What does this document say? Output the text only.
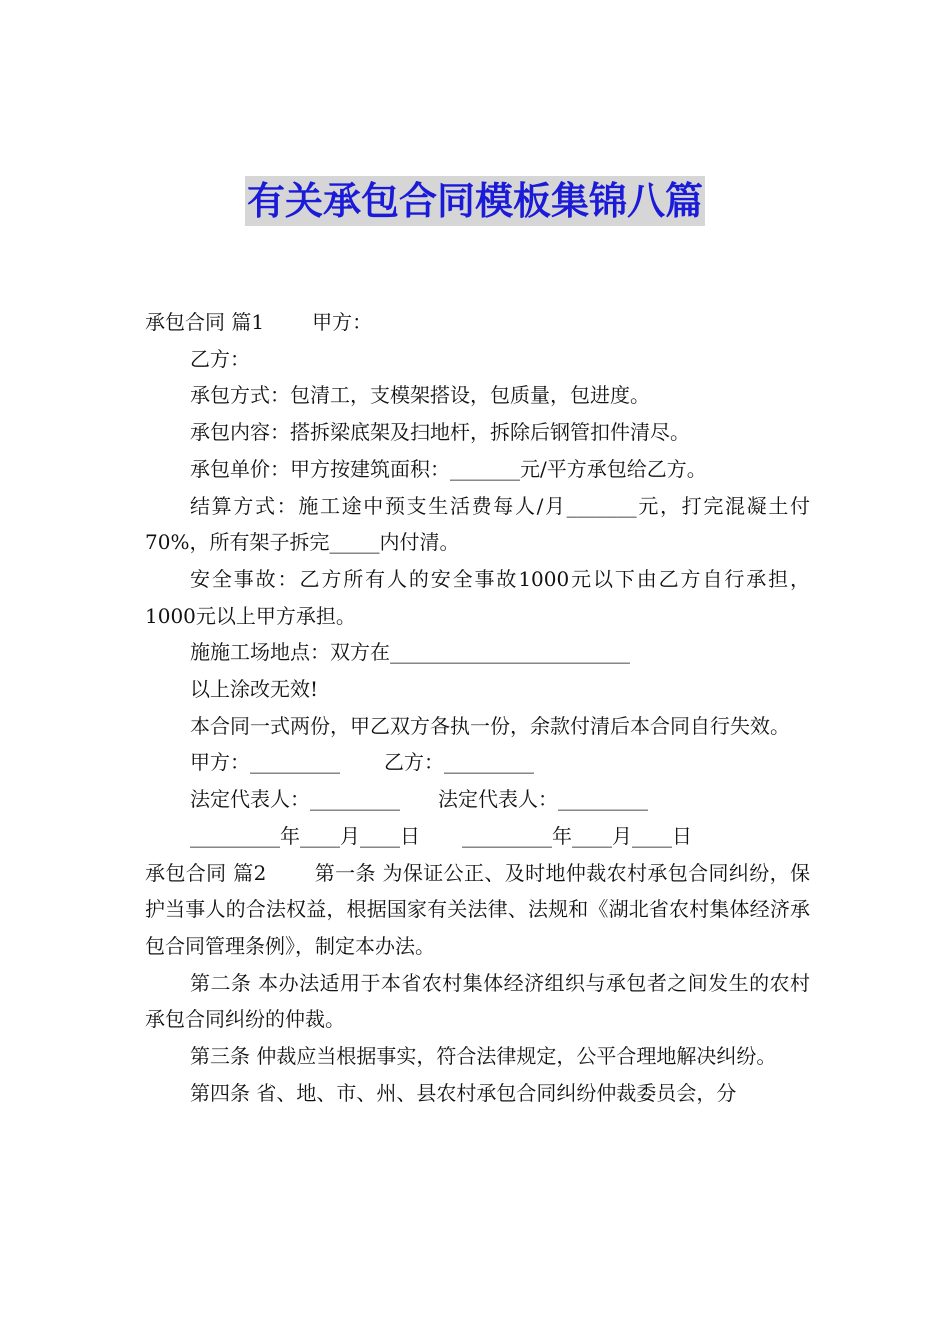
有关承包合同模板集锦八篇

承包合同 篇1 甲方：

乙方：

承包方式：包清工，支模架搭设，包质量，包进度。

承包内容：搭拆梁底架及扫地杆，拆除后钢管扣件清尽。

承包单价：甲方按建筑面积：_______元/平方承包给乙方。

结算方式：施工途中预支生活费每人/月_______元，打完混凝土付70%，所有架子拆完_____内付清。

安全事故：乙方所有人的安全事故1000元以下由乙方自行承担，1000元以上甲方承担。

施施工场地点：双方在________________________

以上涂改无效!

本合同一式两份，甲乙双方各执一份，余款付清后本合同自行失效。

甲方：_________ 乙方：_________

法定代表人：_________ 法定代表人：_________

_________年____月____日 _________年____月____日

承包合同 篇2 第一条 为保证公正、及时地仲裁农村承包合同纠纷，保护当事人的合法权益，根据国家有关法律、法规和《湖北省农村集体经济承包合同管理条例》，制定本办法。

第二条 本办法适用于本省农村集体经济组织与承包者之间发生的农村承包合同纠纷的仲裁。

第三条 仲裁应当根据事实，符合法律规定，公平合理地解决纠纷。

第四条 省、地、市、州、县农村承包合同纠纷仲裁委员会，分
